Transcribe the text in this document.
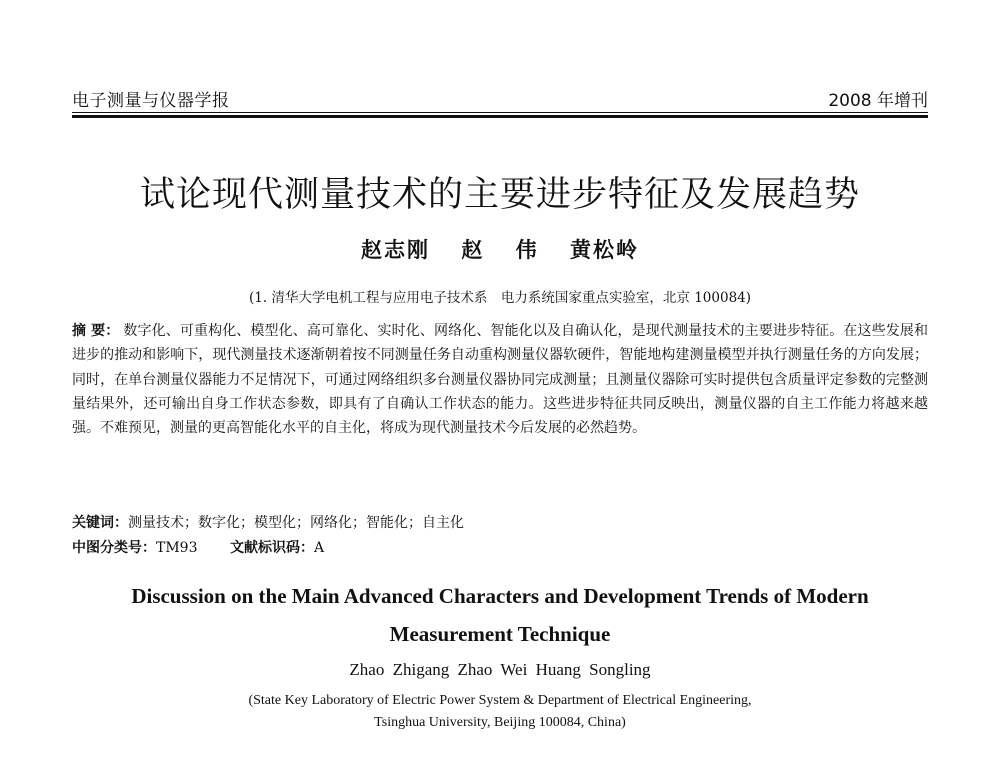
电子测量与仪器学报	2008 年增刊
试论现代测量技术的主要进步特征及发展趋势
赵志刚 赵 伟 黄松岭
(1. 清华大学电机工程与应用电子技术系　电力系统国家重点实验室，北京 100084)
摘 要： 数字化、可重构化、模型化、高可靠化、实时化、网络化、智能化以及自确认化，是现代测量技术的主要进步特征。在这些发展和进步的推动和影响下，现代测量技术逐渐朝着按不同测量任务自动重构测量仪器软硬件，智能地构建测量模型并执行测量任务的方向发展；同时，在单台测量仪器能力不足情况下，可通过网络组织多台测量仪器协同完成测量；且测量仪器除可实时提供包含质量评定参数的完整测量结果外，还可输出自身工作状态参数，即具有了自确认工作状态的能力。这些进步特征共同反映出，测量仪器的自主工作能力将越来越强。不难预见，测量的更高智能化水平的自主化，将成为现代测量技术今后发展的必然趋势。
关键词：测量技术；数字化；模型化；网络化；智能化；自主化
中图分类号：TM93 文献标识码：A
Discussion on the Main Advanced Characters and Development Trends of Modern Measurement Technique
Zhao Zhigang Zhao Wei Huang Songling
(State Key Laboratory of Electric Power System & Department of Electrical Engineering,
Tsinghua University, Beijing 100084, China)
